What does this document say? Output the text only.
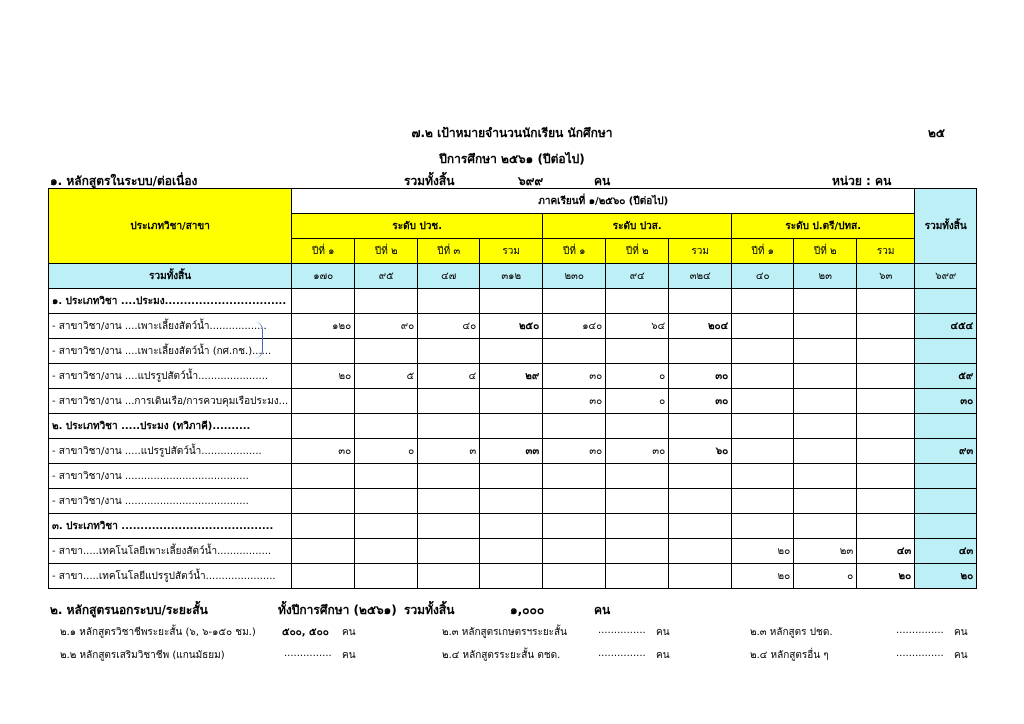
๗.๒ เป้าหมายจำนวนนักเรียน นักศึกษา	๒๕
ปีการศึกษา ๒๕๖๑ (ปีต่อไป)
๑. หลักสูตรในระบบ/ต่อเนื่อง	รวมทั้งสิ้น	๖๙๙	คน	หน่วย : คน
ประเภทวิชา/สาขา	ภาคเรียนที่ ๑/๒๕๖๐ (ปีต่อไป)										รวมทั้งสิ้น
	ระดับ ปวช.				ระดับ ปวส.			ระดับ ป.ตรี/ปทส.			
	ปีที่ ๑	ปีที่ ๒	ปีที่ ๓	รวม	ปีที่ ๑	ปีที่ ๒	รวม	ปีที่ ๑	ปีที่ ๒	รวม	
รวมทั้งสิ้น	๑๗๐	๙๕	๔๗	๓๑๒	๒๓๐	๙๔	๓๒๔	๔๐	๒๓	๖๓	๖๙๙
๑. ประเภทวิชา ....ประมง................................											
- สาขาวิชา/งาน ....เพาะเลี้ยงสัตว์น้ำ..................	๑๒๐	๙๐	๔๐	๒๕๐	๑๔๐	๖๔	๒๐๔				๔๕๔
- สาขาวิชา/งาน ....เพาะเลี้ยงสัตว์น้ำ (กศ.กช.)......											
- สาขาวิชา/งาน ....แปรรูปสัตว์น้ำ......................	๒๐	๕	๔	๒๙	๓๐	๐	๓๐				๕๙
- สาขาวิชา/งาน ...การเดินเรือ/การควบคุมเรือประมง...					๓๐	๐	๓๐				๓๐
๒. ประเภทวิชา .....ประมง (ทวิภาคี)..........											
- สาขาวิชา/งาน .....แปรรูปสัตว์น้ำ...................	๓๐	๐	๓	๓๓	๓๐	๓๐	๖๐				๙๓
- สาขาวิชา/งาน .......................................											
- สาขาวิชา/งาน .......................................											
๓. ประเภทวิชา ........................................											
- สาขา.....เทคโนโลยีเพาะเลี้ยงสัตว์น้ำ.................								๒๐	๒๓	๔๓	๔๓
- สาขา.....เทคโนโลยีแปรรูปสัตว์น้ำ......................								๒๐	๐	๒๐	๒๐
๒. หลักสูตรนอกระบบ/ระยะสั้น	ทั้งปีการศึกษา (๒๕๖๑) รวมทั้งสิ้น	๑,๐๐๐	คน
๒.๑ หลักสูตรวิชาชีพระยะสั้น (๖, ๖-๑๕๐ ชม.)	๕๐๐, ๕๐๐ คน
๒.๒ หลักสูตรเสริมวิชาชีพ (แกนมัธยม)	............... คน
๒.๓ หลักสูตรเกษตรฯระยะสั้น	............... คน
๒.๔ หลักสูตรระยะสั้น ตชด.	............... คน
๒.๓ หลักสูตร ปชด.	............... คน
๒.๔ หลักสูตรอื่น ๆ	............... คน
